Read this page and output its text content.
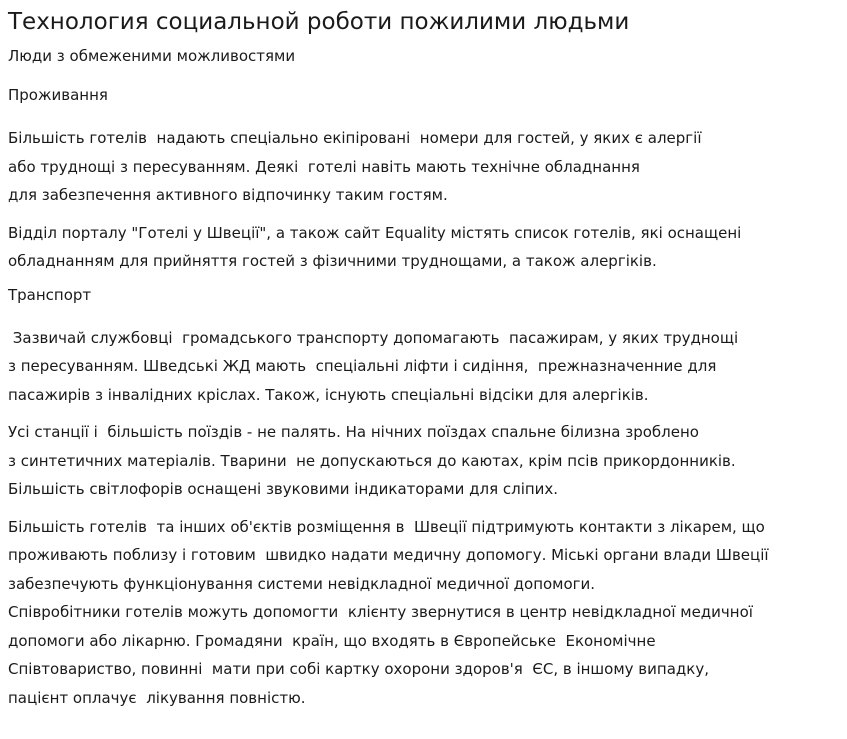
Технология социальной роботи пожилими людьми
Люди з обмеженими можливостями
Проживання

Більшість готелів  надають спеціально екіпіровані  номери для гостей, у яких є алергії
або труднощі з пересуванням. Деякі  готелі навіть мають технічне обладнання
для забезпечення активного відпочинку таким гостям.

Відділ порталу "Готелі у Швеції", а також сайт Equality містять список готелів, які оснащені
обладнанням для прийняття гостей з фізичними труднощами, а також алергіків.

Транспорт

Зазвичай службовці  громадського транспорту допомагають  пасажирам, у яких труднощі
з пересуванням. Шведські ЖД мають  спеціальні ліфти і сидіння,  прежназначенние для
пасажирів з інвалідних кріслах. Також, існують спеціальні відсіки для алергіків.

Усі станції і  більшість поїздів - не палять. На нічних поїздах спальне білизна зроблено
з синтетичних матеріалів. Тварини  не допускаються до каютах, крім псів прикордонників.
Більшість світлофорів оснащені звуковими індикаторами для сліпих.

Більшість готелів  та інших об'єктів розміщення в  Швеції підтримують контакти з лікарем, що
проживають поблизу і готовим  швидко надати медичну допомогу. Міські органи влади Швеції
забезпечують функціонування системи невідкладної медичної допомоги.
Співробітники готелів можуть допомогти  клієнту звернутися в центр невідкладної медичної
допомоги або лікарню. Громадяни  країн, що входять в Європейське  Економічне
Співтовариство, повинні  мати при собі картку охорони здоров'я  ЄС, в іншому випадку,
пацієнт оплачує  лікування повністю.
